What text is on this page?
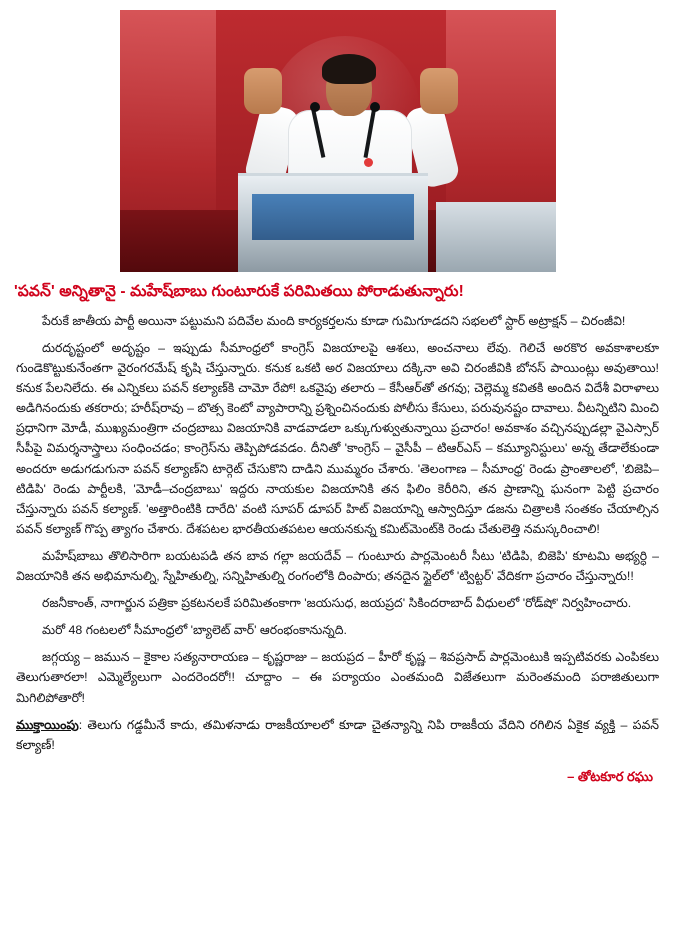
'పవన్' అన్నితానై - మహేష్‌బాబు గుంటూరుకే పరిమితయి పోరాడుతున్నారు!

పేరుకే జాతీయ పార్టీ అయినా పట్టుమని పదివేల మంది కార్యకర్తలను కూడా గుమిగూడదని సభలలో స్టార్ అట్రాక్షన్ – చిరంజీవి!

దురదృష్టంలో అదృష్టం – ఇప్పుడు సీమాంధ్రలో కాంగ్రెస్ విజయాలపై ఆశలు, అంచనాలు లేవు. గెలిచే అరకొర అవకాశాలకూ గుండెకొట్టుకునేంతగా వైరంగరమేష్ కృషి చేస్తున్నారు. కనుక ఒకటి అర విజయాలు దక్కినా అవి చిరంజీవికి బోనస్ పాయింట్లు అవుతాయి! కనుక పేలనిలేదు. ఈ ఎన్నికలు పవన్ కల్యాణ్‌కి చామో రేపో! ఒకవైపు తలారు – కేసీఆర్‌తో తగవు; చెల్లెమ్మ కవితకి అందిన విదేశీ విరాళాలు అడిగినందుకు తకరారు; హరీష్‌రావు – బొత్స కెంటో వ్యాపారాన్ని ప్రశ్నించినందుకు పోలీసు కేసులు, పరువునష్టం దావాలు. వీటన్నిటిని మించి ప్రధానిగా మోడీ, ముఖ్యమంత్రిగా చంద్రబాబు విజయానికి వాడవాడలా ఒక్కుగుళ్వుతున్నాయి ప్రచారం! అవకాశం వచ్చినప్పుడల్లా వైఎస్సార్ సీపీపై విమర్శనాస్త్రాలు సంధించడం; కాంగ్రెస్‌ను తెప్పిపోడవడం. దీనితో 'కాంగ్రెస్ – వైసీపీ – టిఆర్ఎస్ – కమ్యూనిస్టులు' అన్న తేడాలేకుండా అందరూ అడుగడుగునా పవన్ కల్యాణ్‌ని టార్గెట్ చేసుకొని దాడిని ముమ్మరం చేశారు. 'తెలంగాణ – సీమాంధ్ర' రెండు ప్రాంతాలలో, 'బిజెపి–టిడిపి' రెండు పార్టీలకి, 'మోడీ–చంద్రబాబు' ఇద్దరు నాయకుల విజయానికి తన ఫిలిం కెరీరిని, తన ప్రాణాన్ని ఘనంగా పెట్టి ప్రచారం చేస్తున్నారు పవన్ కల్యాణ్. 'అత్తారింటికి దారేది' వంటి సూపర్ డూపర్ హిట్ విజయాన్ని ఆస్వాదిస్తూ డజను చిత్రాలకి సంతకం చేయాల్సిన పవన్ కల్యాణ్ గొప్ప త్యాగం చేశారు. దేశపటల భారతీయతపటల ఆయనకున్న కమిట్‌మెంట్‌కి రెండు చేతులెత్తి నమస్కరించాలి!

మహేష్‌బాబు తొలిసారిగా బయటపడి తన బావ గల్లా జయదేవ్ – గుంటూరు పార్లమెంటరీ సీటు 'టిడిపి, బిజెపి' కూటమి అభ్యర్ధి – విజయానికి తన అభిమానుల్ని, స్నేహితుల్ని, సన్నిహితుల్ని రంగంలోకి దింపారు; తనదైన స్టైల్‌లో 'ట్విట్టర్' వేదికగా ప్రచారం చేస్తున్నారు!!

రజనీకాంత్, నాగార్జున పత్రికా ప్రకటనలకే పరిమితంకాగా 'జయసుధ, జయప్రద' సికిందరాబాద్ వీధులలో 'రోడ్‌షో' నిర్వహించారు.

మరో 48 గంటలలో సీమాంధ్రలో 'బ్యాలెట్ వార్' ఆరంభంకానున్నది.

జగ్గయ్య – జమున – కైకాల సత్యనారాయణ – కృష్ణరాజు – జయప్రద – హీరో కృష్ణ – శివప్రసాద్ పార్లమెంటుకి ఇప్పటివరకు ఎంపికలు తెలుగుతారలా! ఎమ్మెల్యేలుగా ఎందరెందరో!! చూద్దాం – ఈ పర్యాయం ఎంతమంది విజేతలుగా మరెంతమంది పరాజితులుగా మిగిలిపోతారో!

ముక్తాయింపు: తెలుగు గడ్డమీనే కాదు, తమిళనాడు రాజకీయాలలో కూడా చైతన్యాన్ని నిపి రాజకీయ వేదిని రగిలిన ఏకైక వ్యక్తి – పవన్ కల్యాణ్!
– తోటకూర రఘు
